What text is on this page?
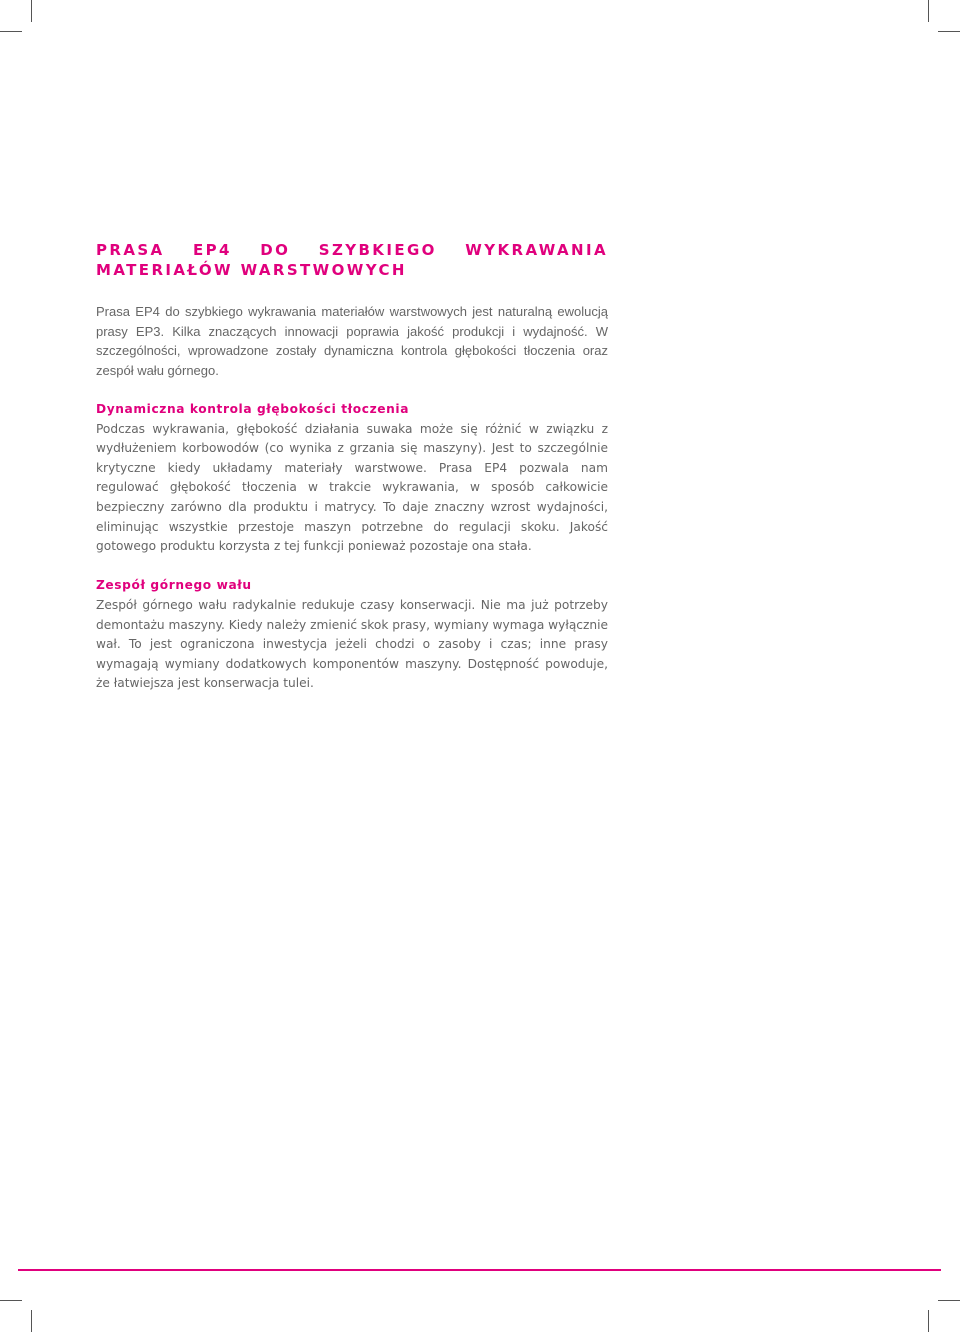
PRASA EP4 DO SZYBKIEGO WYKRAWANIA MATERIAŁÓW WARSTWOWYCH

Prasa EP4 do szybkiego wykrawania materiałów warstwowych jest naturalną ewolucją prasy EP3. Kilka znaczących innowacji poprawia jakość produkcji i wydajność. W szczególności, wprowadzone zostały dynamiczna kontrola głębokości tłoczenia oraz zespół wału górnego.

Dynamiczna kontrola głębokości tłoczenia

Podczas wykrawania, głębokość działania suwaka może się różnić w związku z wydłużeniem korbowodów (co wynika z grzania się maszyny). Jest to szczególnie krytyczne kiedy układamy materiały warstwowe. Prasa EP4 pozwala nam regulować głębokość tłoczenia w trakcie wykrawania, w sposób całkowicie bezpieczny zarówno dla produktu i matrycy. To daje znaczny wzrost wydajności, eliminując wszystkie przestoje maszyn potrzebne do regulacji skoku. Jakość gotowego produktu korzysta z tej funkcji ponieważ pozostaje ona stała.

Zespół górnego wału

Zespół górnego wału radykalnie redukuje czasy konserwacji. Nie ma już potrzeby demontażu maszyny. Kiedy należy zmienić skok prasy, wymiany wymaga wyłącznie wał. To jest ograniczona inwestycja jeżeli chodzi o zasoby i czas; inne prasy wymagają wymiany dodatkowych komponentów maszyny. Dostępność powoduje, że łatwiejsza jest konserwacja tulei.
